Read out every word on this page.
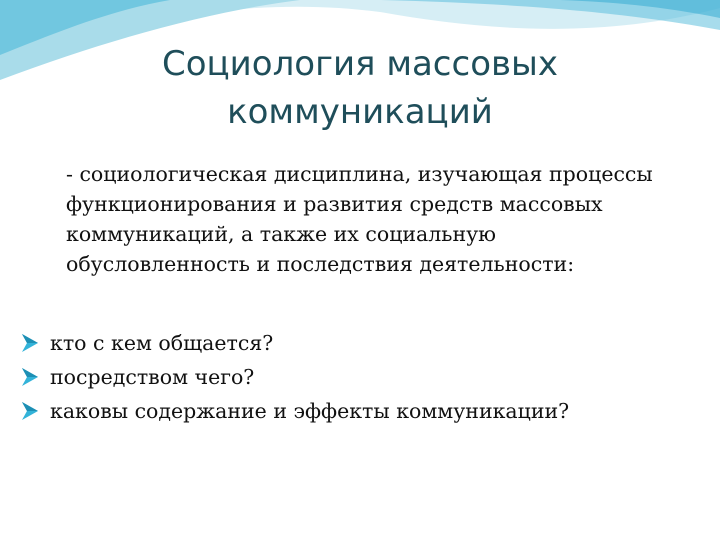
Социология массовых коммуникаций

- социологическая дисциплина, изучающая процессы функционирования и развития средств массовых коммуникаций, а также их социальную обусловленность и последствия деятельности:

кто с кем общается?
посредством чего?
каковы содержание и эффекты коммуникации?
